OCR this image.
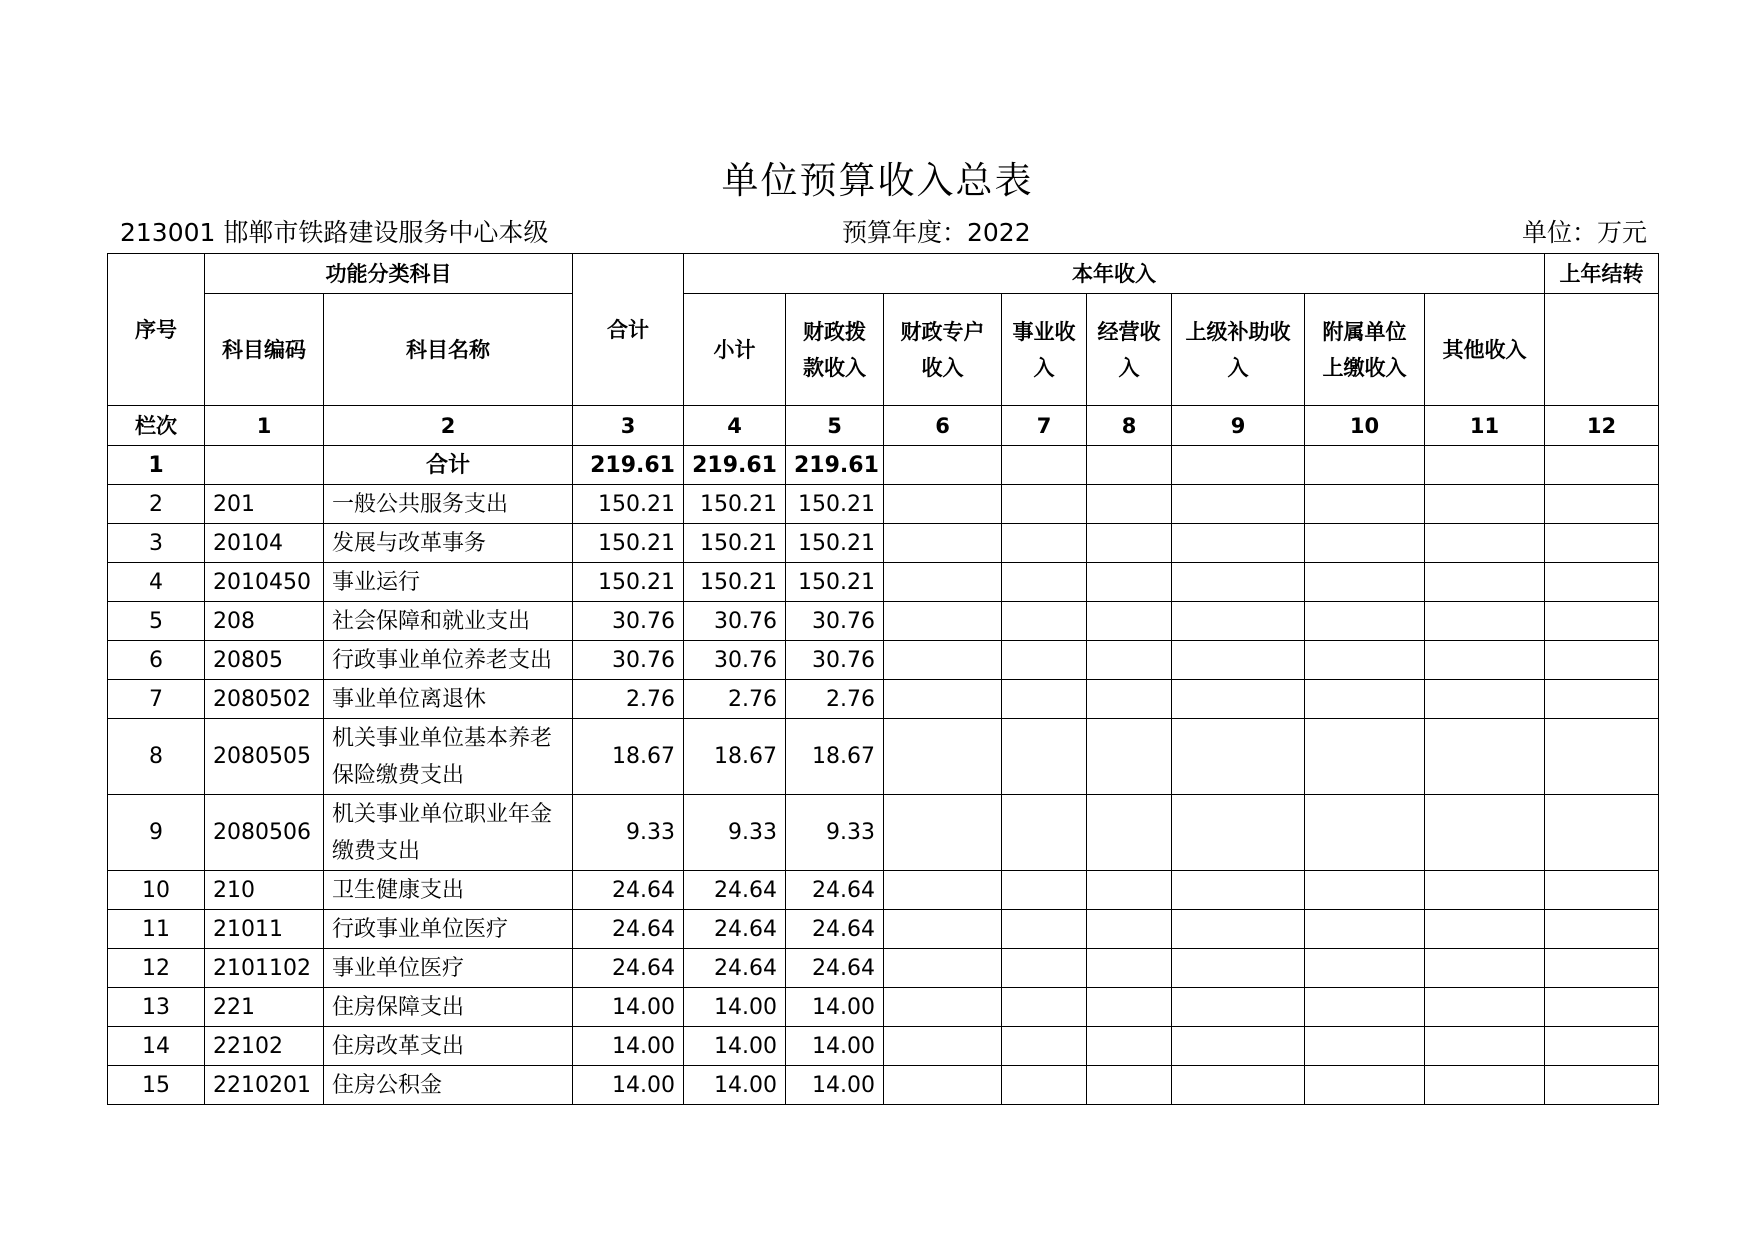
单位预算收入总表
213001 邯郸市铁路建设服务中心本级	预算年度：2022	单位：万元
序号	功能分类科目		合计	本年收入								上年结转
	科目编码	科目名称		小计	财政拨款收入	财政专户收入	事业收入	经营收入	上级补助收入	附属单位上缴收入	其他收入	
栏次	1	2	3	4	5	6	7	8	9	10	11	12
1		合计	219.61	219.61	219.61							
2	201	一般公共服务支出	150.21	150.21	150.21							
3	20104	发展与改革事务	150.21	150.21	150.21							
4	2010450	事业运行	150.21	150.21	150.21							
5	208	社会保障和就业支出	30.76	30.76	30.76							
6	20805	行政事业单位养老支出	30.76	30.76	30.76							
7	2080502	事业单位离退休	2.76	2.76	2.76							
8	2080505	机关事业单位基本养老保险缴费支出	18.67	18.67	18.67							
9	2080506	机关事业单位职业年金缴费支出	9.33	9.33	9.33							
10	210	卫生健康支出	24.64	24.64	24.64							
11	21011	行政事业单位医疗	24.64	24.64	24.64							
12	2101102	事业单位医疗	24.64	24.64	24.64							
13	221	住房保障支出	14.00	14.00	14.00							
14	22102	住房改革支出	14.00	14.00	14.00							
15	2210201	住房公积金	14.00	14.00	14.00							
